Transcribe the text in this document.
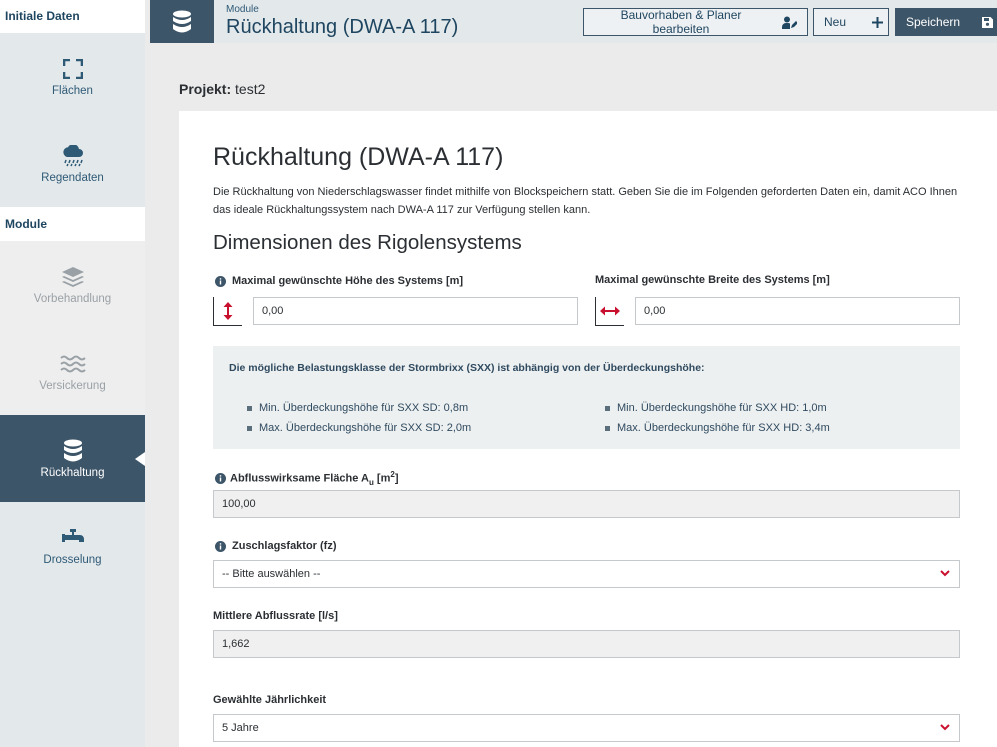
Initiale Daten
Flächen
Regendaten
Module
Vorbehandlung
Versickerung
Rückhaltung
Drosselung
Module
Rückhaltung (DWA-A 117)
Bauvorhaben & Planer bearbeiten	Neu	Speichern
Projekt: test2
Rückhaltung (DWA-A 117)
Die Rückhaltung von Niederschlagswasser findet mithilfe von Blockspeichern statt. Geben Sie die im Folgenden geforderten Daten ein, damit ACO Ihnen das ideale Rückhaltungssystem nach DWA-A 117 zur Verfügung stellen kann.
Dimensionen des Rigolensystems
Maximal gewünschte Höhe des Systems [m]
0,00
Maximal gewünschte Breite des Systems [m]
0,00
Die mögliche Belastungsklasse der Stormbrixx (SXX) ist abhängig von der Überdeckungshöhe:
Min. Überdeckungshöhe für SXX SD: 0,8m
Max. Überdeckungshöhe für SXX SD: 2,0m
Min. Überdeckungshöhe für SXX HD: 1,0m
Max. Überdeckungshöhe für SXX HD: 3,4m
Abflusswirksame Fläche $A_u$ $[m^2]$
100,00
Zuschlagsfaktor (fz)
-- Bitte auswählen --
Mittlere Abflussrate [l/s]
1,662
Gewählte Jährlichkeit
5 Jahre
